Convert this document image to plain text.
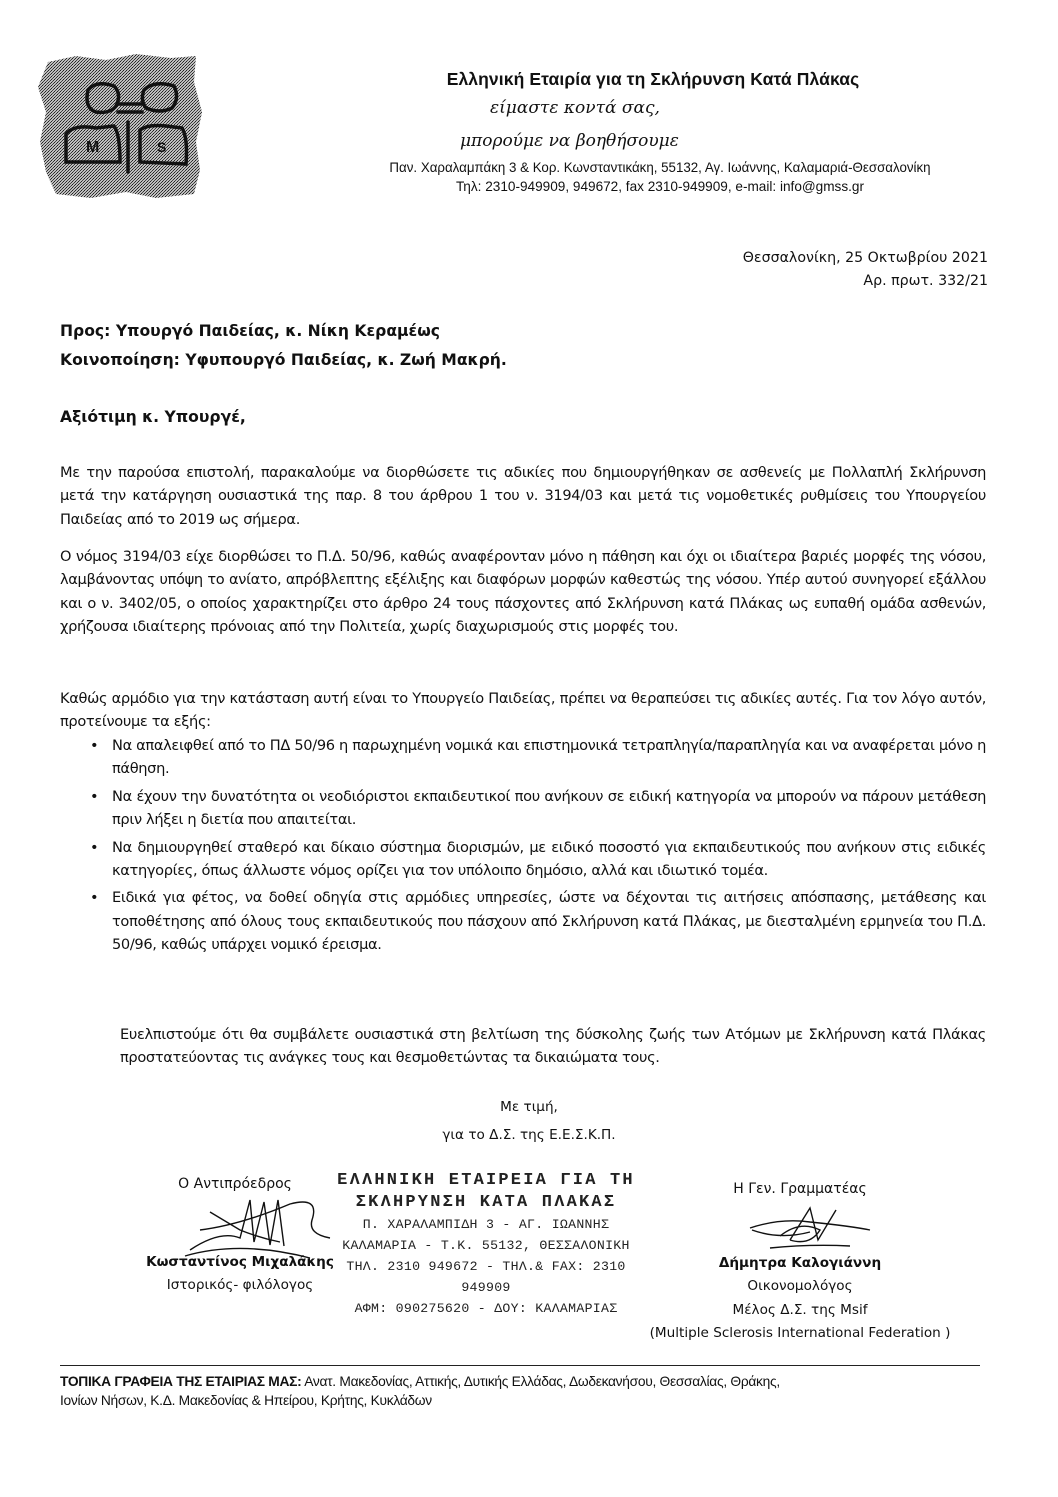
M	S
Ελληνική Εταιρία για τη Σκλήρυνση Κατά Πλάκας
είμαστε κοντά σας,
μπορούμε να βοηθήσουμε
Παν. Χαραλαμπάκη 3 & Κορ. Κωνσταντικάκη, 55132, Αγ. Ιωάννης, Καλαμαριά-Θεσσαλονίκη
Τηλ: 2310-949909, 949672, fax 2310-949909, e-mail: info@gmss.gr
Θεσσαλονίκη, 25 Οκτωβρίου 2021
Αρ. πρωτ. 332/21
Προς: Υπουργό Παιδείας, κ. Νίκη Κεραμέως
Κοινοποίηση: Υφυπουργό Παιδείας, κ. Ζωή Μακρή.
Αξιότιμη κ. Υπουργέ,
Με την παρούσα επιστολή, παρακαλούμε να διορθώσετε τις αδικίες που δημιουργήθηκαν σε ασθενείς με Πολλαπλή Σκλήρυνση μετά την κατάργηση ουσιαστικά της παρ. 8 του άρθρου 1 του ν. 3194/03 και μετά τις νομοθετικές ρυθμίσεις του Υπουργείου Παιδείας από το 2019 ως σήμερα.
Ο νόμος 3194/03 είχε διορθώσει το Π.Δ. 50/96, καθώς αναφέρονταν μόνο η πάθηση και όχι οι ιδιαίτερα βαριές μορφές της νόσου, λαμβάνοντας υπόψη το ανίατο, απρόβλεπτης εξέλιξης και διαφόρων μορφών καθεστώς της νόσου. Υπέρ αυτού συνηγορεί εξάλλου και ο ν. 3402/05, ο οποίος χαρακτηρίζει στο άρθρο 24 τους πάσχοντες από Σκλήρυνση κατά Πλάκας ως ευπαθή ομάδα ασθενών, χρήζουσα ιδιαίτερης πρόνοιας από την Πολιτεία, χωρίς διαχωρισμούς στις μορφές του.
Καθώς αρμόδιο για την κατάσταση αυτή είναι το Υπουργείο Παιδείας, πρέπει να θεραπεύσει τις αδικίες αυτές. Για τον λόγο αυτόν, προτείνουμε τα εξής:
• Να απαλειφθεί από το ΠΔ 50/96 η παρωχημένη νομικά και επιστημονικά τετραπληγία/παραπληγία και να αναφέρεται μόνο η πάθηση.
• Να έχουν την δυνατότητα οι νεοδιόριστοι εκπαιδευτικοί που ανήκουν σε ειδική κατηγορία να μπορούν να πάρουν μετάθεση πριν λήξει η διετία που απαιτείται.
• Να δημιουργηθεί σταθερό και δίκαιο σύστημα διορισμών, με ειδικό ποσοστό για εκπαιδευτικούς που ανήκουν στις ειδικές κατηγορίες, όπως άλλωστε νόμος ορίζει για τον υπόλοιπο δημόσιο, αλλά και ιδιωτικό τομέα.
• Ειδικά για φέτος, να δοθεί οδηγία στις αρμόδιες υπηρεσίες, ώστε να δέχονται τις αιτήσεις απόσπασης, μετάθεσης και τοποθέτησης από όλους τους εκπαιδευτικούς που πάσχουν από Σκλήρυνση κατά Πλάκας, με διεσταλμένη ερμηνεία του Π.Δ. 50/96, καθώς υπάρχει νομικό έρεισμα.
Ευελπιστούμε ότι θα συμβάλετε ουσιαστικά στη βελτίωση της δύσκολης ζωής των Ατόμων με Σκλήρυνση κατά Πλάκας προστατεύοντας τις ανάγκες τους και θεσμοθετώντας τα δικαιώματα τους.
Με τιμή,
για το Δ.Σ. της Ε.Ε.Σ.Κ.Π.
Ο Αντιπρόεδρος
Κωσταντίνος Μιχαλάκης
Ιστορικός- φιλόλογος
ΕΛΛΗΝΙΚΗ ΕΤΑΙΡΕΙΑ ΓΙΑ ΤΗ
ΣΚΛΗΡΥΝΣΗ ΚΑΤΑ ΠΛΑΚΑΣ
Π. ΧΑΡΑΛΑΜΠΙΔΗ 3 - ΑΓ. ΙΩΑΝΝΗΣ
ΚΑΛΑΜΑΡΙΑ - Τ.Κ. 55132, ΘΕΣΣΑΛΟΝΙΚΗ
ΤΗΛ. 2310 949672 - ΤΗΛ.& FAX: 2310 949909
ΑΦΜ: 090275620 - ΔΟΥ: ΚΑΛΑΜΑΡΙΑΣ
Η Γεν. Γραμματέας
Δήμητρα Καλογιάννη
Οικονομολόγος
Μέλος Δ.Σ. της Msif
(Multiple Sclerosis International Federation )
ΤΟΠΙΚΑ ΓΡΑΦΕΙΑ ΤΗΣ ΕΤΑΙΡΙΑΣ ΜΑΣ: Ανατ. Μακεδονίας, Αττικής, Δυτικής Ελλάδας, Δωδεκανήσου, Θεσσαλίας, Θράκης,
Ιονίων Νήσων, Κ.Δ. Μακεδονίας & Ηπείρου, Κρήτης, Κυκλάδων
